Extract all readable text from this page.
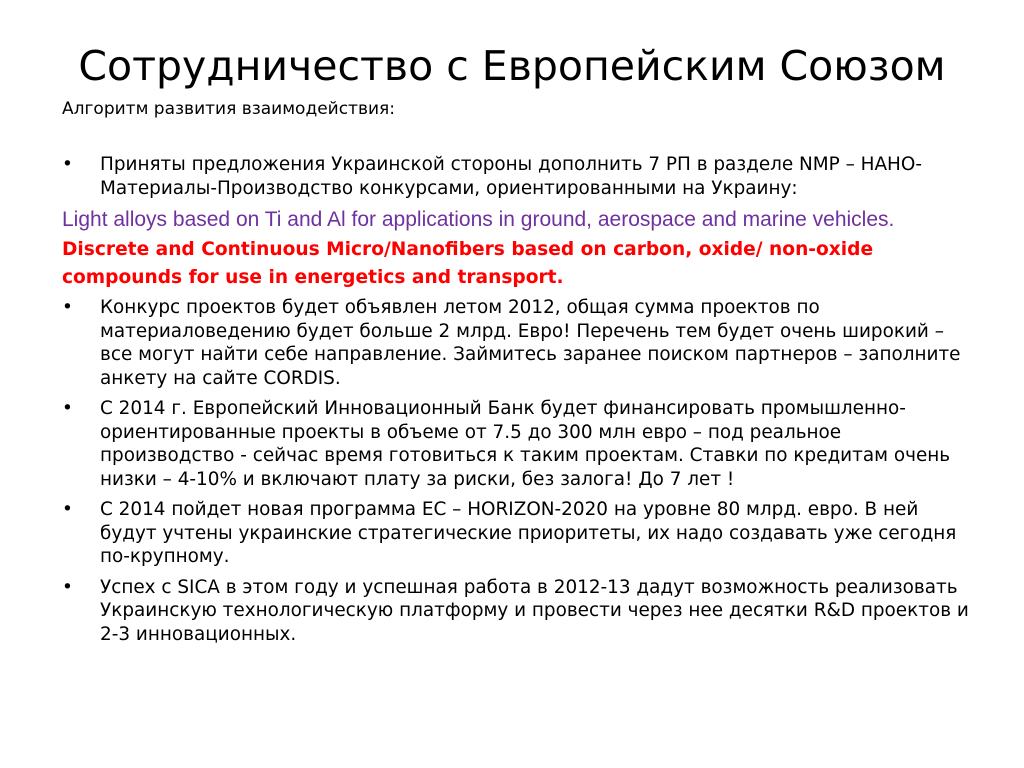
Сотрудничество с Европейским Союзом
Алгоритм развития взаимодействия:
•	Приняты предложения Украинской стороны дополнить 7 РП в разделе NMP – НАНО-Материалы-Производство конкурсами, ориентированными на Украину:
Light alloys based on Ti and Al for applications in ground, aerospace and marine vehicles.
Discrete and Continuous Micro/Nanofibers based on carbon, oxide/ non-oxide compounds for use in energetics and transport.
•	Конкурс проектов будет объявлен летом 2012, общая сумма проектов по материаловедению будет больше 2 млрд. Евро! Перечень тем будет очень широкий – все могут найти себе направление. Займитесь заранее поиском партнеров – заполните анкету на сайте CORDIS.
•	С 2014 г. Европейский Инновационный Банк будет финансировать промышленно-ориентированные проекты в объеме от 7.5 до 300 млн евро – под реальное производство - сейчас время готовиться к таким проектам. Ставки по кредитам очень низки – 4-10% и включают плату за риски, без залога! До 7 лет !
•	С 2014 пойдет новая программа ЕС – HORIZON-2020 на уровне 80 млрд. евро. В ней будут учтены украинские стратегические приоритеты, их надо создавать уже сегодня по-крупному.
•	Успех с SICA в этом году и успешная работа в 2012-13 дадут возможность реализовать Украинскую технологическую платформу и провести через нее десятки R&D проектов и 2-3 инновационных.
